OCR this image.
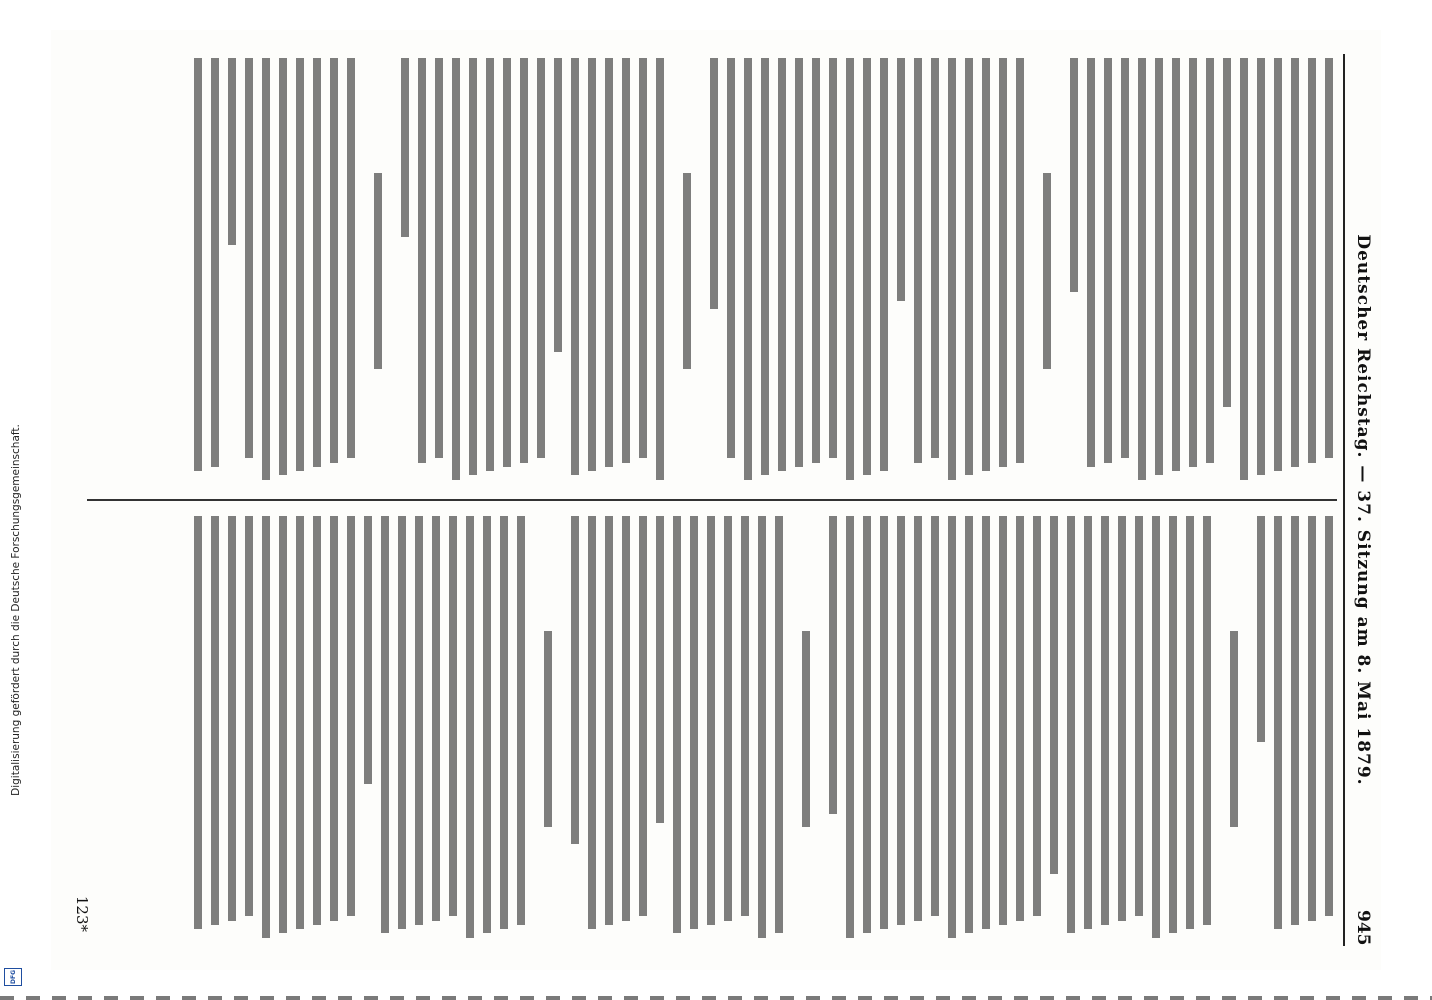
Deutscher Reichstag. — 37. Sitzung am 8. Mai 1879.
945
123*
Digitalisierung gefördert durch die Deutsche Forschungsgemeinschaft.
DFG
